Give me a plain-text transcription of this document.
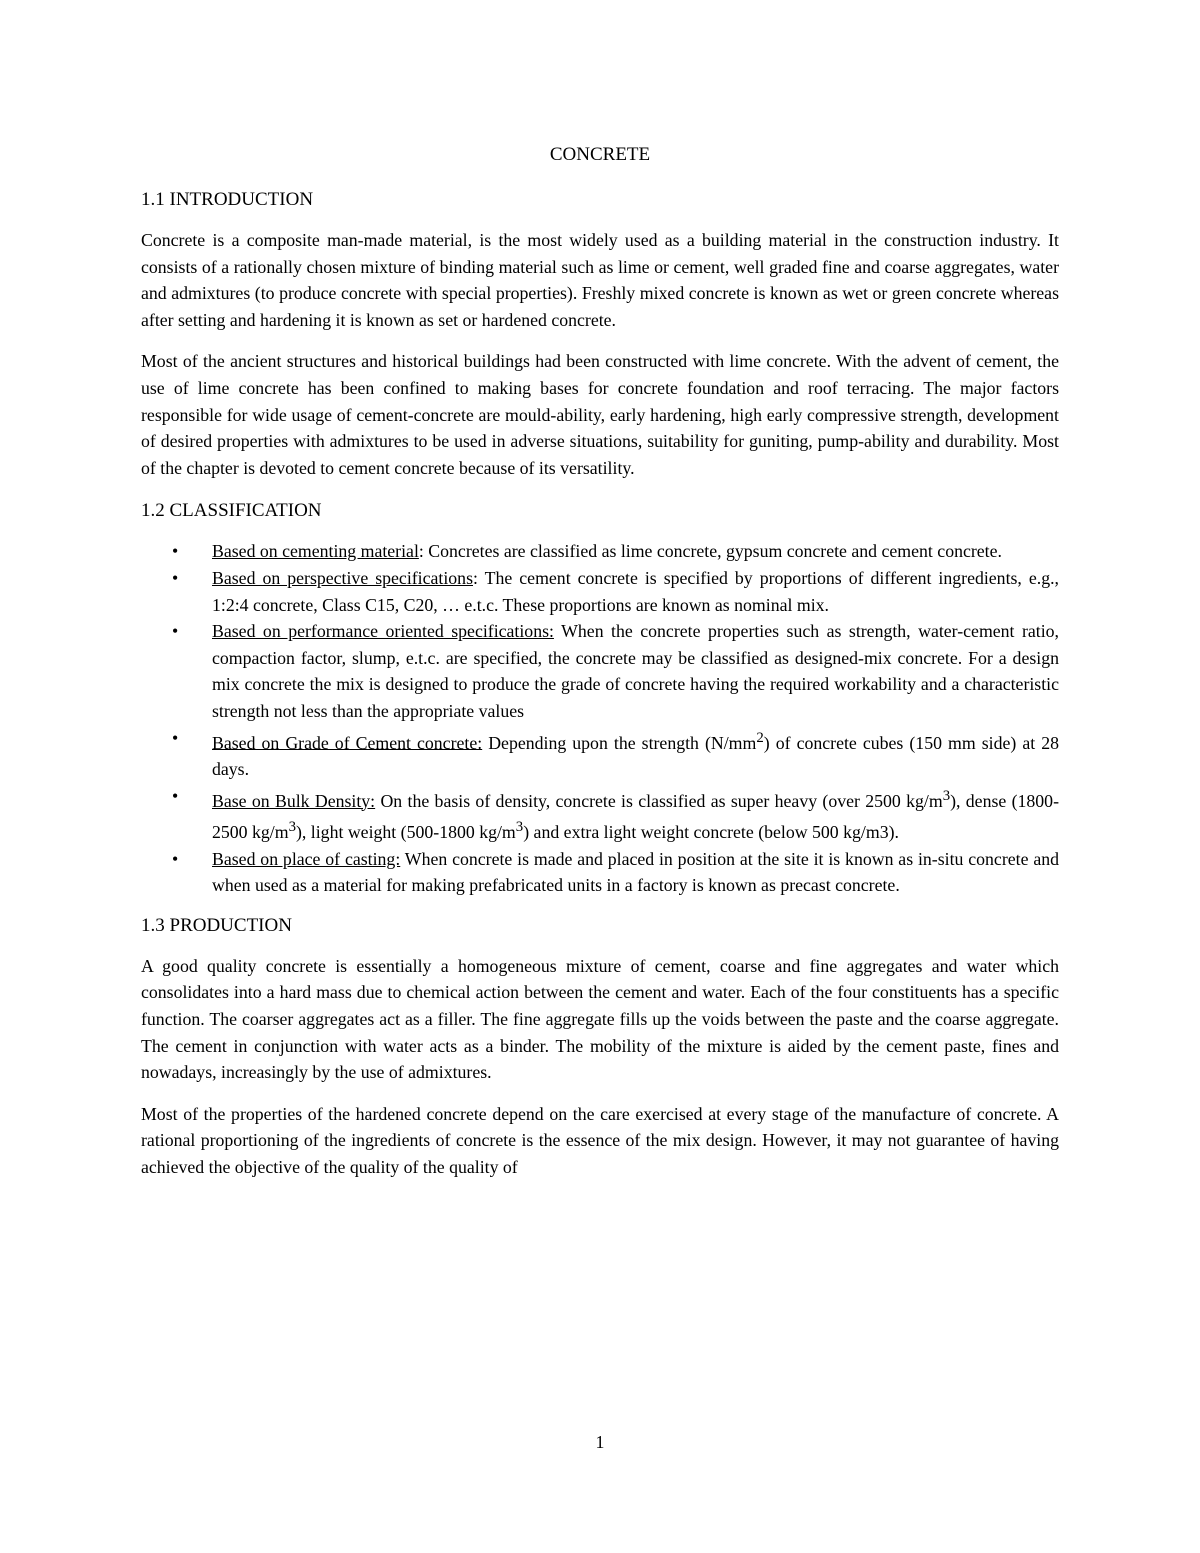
CONCRETE
1.1 INTRODUCTION

Concrete is a composite man-made material, is the most widely used as a building material in the construction industry. It consists of a rationally chosen mixture of binding material such as lime or cement, well graded fine and coarse aggregates, water and admixtures (to produce concrete with special properties). Freshly mixed concrete is known as wet or green concrete whereas after setting and hardening it is known as set or hardened concrete.

Most of the ancient structures and historical buildings had been constructed with lime concrete. With the advent of cement, the use of lime concrete has been confined to making bases for concrete foundation and roof terracing. The major factors responsible for wide usage of cement-concrete are mould-ability, early hardening, high early compressive strength, development of desired properties with admixtures to be used in adverse situations, suitability for guniting, pump-ability and durability. Most of the chapter is devoted to cement concrete because of its versatility.

1.2 CLASSIFICATION
• Based on cementing material: Concretes are classified as lime concrete, gypsum concrete and cement concrete.
• Based on perspective specifications: The cement concrete is specified by proportions of different ingredients, e.g., 1:2:4 concrete, Class C15, C20, … e.t.c. These proportions are known as nominal mix.
• Based on performance oriented specifications: When the concrete properties such as strength, water-cement ratio, compaction factor, slump, e.t.c. are specified, the concrete may be classified as designed-mix concrete. For a design mix concrete the mix is designed to produce the grade of concrete having the required workability and a characteristic strength not less than the appropriate values
• Based on Grade of Cement concrete: Depending upon the strength $(N/mm^2)$ of concrete cubes (150 mm side) at 28 days.
• Base on Bulk Density: On the basis of density, concrete is classified as super heavy (over 2500 $kg/m^3$), dense (1800-2500 $kg/m^3$), light weight (500-1800 $kg/m^3$) and extra light weight concrete (below 500 kg/m3).
• Based on place of casting: When concrete is made and placed in position at the site it is known as in-situ concrete and when used as a material for making prefabricated units in a factory is known as precast concrete.
1.3 PRODUCTION

A good quality concrete is essentially a homogeneous mixture of cement, coarse and fine aggregates and water which consolidates into a hard mass due to chemical action between the cement and water. Each of the four constituents has a specific function. The coarser aggregates act as a filler. The fine aggregate fills up the voids between the paste and the coarse aggregate. The cement in conjunction with water acts as a binder. The mobility of the mixture is aided by the cement paste, fines and nowadays, increasingly by the use of admixtures.

Most of the properties of the hardened concrete depend on the care exercised at every stage of the manufacture of concrete. A rational proportioning of the ingredients of concrete is the essence of the mix design. However, it may not guarantee of having achieved the objective of the quality of the quality of

1
